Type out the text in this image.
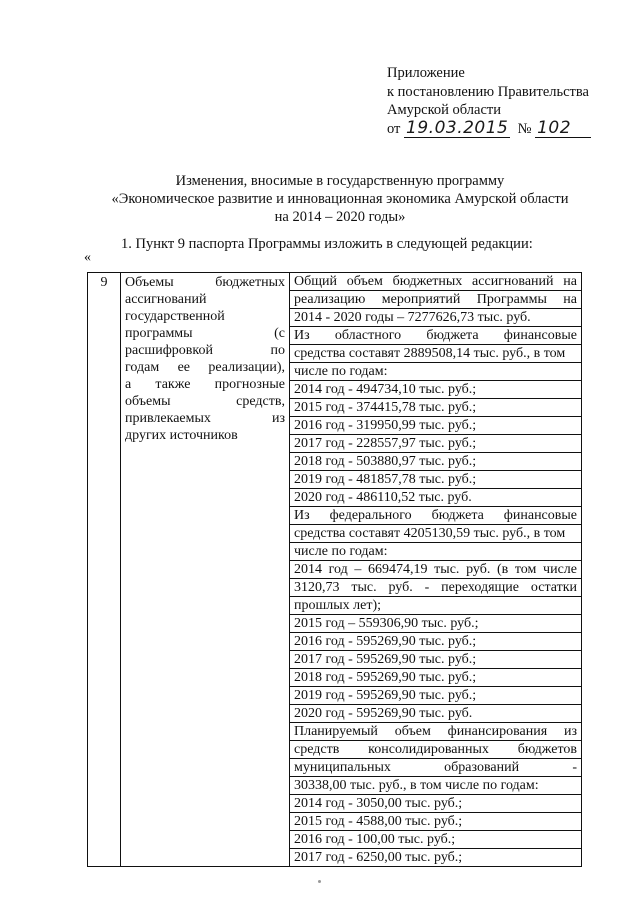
Приложение
к постановлению Правительства
Амурской области
от 19.03.2015 № 102
Изменения, вносимые в государственную программу
«Экономическое развитие и инновационная экономика Амурской области
на 2014 – 2020 годы»
1. Пункт 9 паспорта Программы изложить в следующей редакции:
«
9	Объемы бюджетных
ассигнований
государственной
программы (с
расшифровкой по
годам ее реализации),
а также прогнозные
объемы средств,
привлекаемых из
других источников

Общий объем бюджетных ассигнований на
реализацию мероприятий Программы на
2014 - 2020 годы – 7277626,73 тыс. руб.
Из областного бюджета финансовые
средства составят 2889508,14 тыс. руб., в том
числе по годам:
2014 год - 494734,10 тыс. руб.;
2015 год - 374415,78 тыс. руб.;
2016 год - 319950,99 тыс. руб.;
2017 год - 228557,97 тыс. руб.;
2018 год - 503880,97 тыс. руб.;
2019 год - 481857,78 тыс. руб.;
2020 год - 486110,52 тыс. руб.
Из федерального бюджета финансовые
средства составят 4205130,59 тыс. руб., в том
числе по годам:
2014 год – 669474,19 тыс. руб. (в том числе
3120,73 тыс. руб. - переходящие остатки
прошлых лет);
2015 год – 559306,90 тыс. руб.;
2016 год - 595269,90 тыс. руб.;
2017 год - 595269,90 тыс. руб.;
2018 год - 595269,90 тыс. руб.;
2019 год - 595269,90 тыс. руб.;
2020 год - 595269,90 тыс. руб.
Планируемый объем финансирования из
средств консолидированных бюджетов
муниципальных образований -
30338,00 тыс. руб., в том числе по годам:
2014 год - 3050,00 тыс. руб.;
2015 год - 4588,00 тыс. руб.;
2016 год - 100,00 тыс. руб.;
2017 год - 6250,00 тыс. руб.;
